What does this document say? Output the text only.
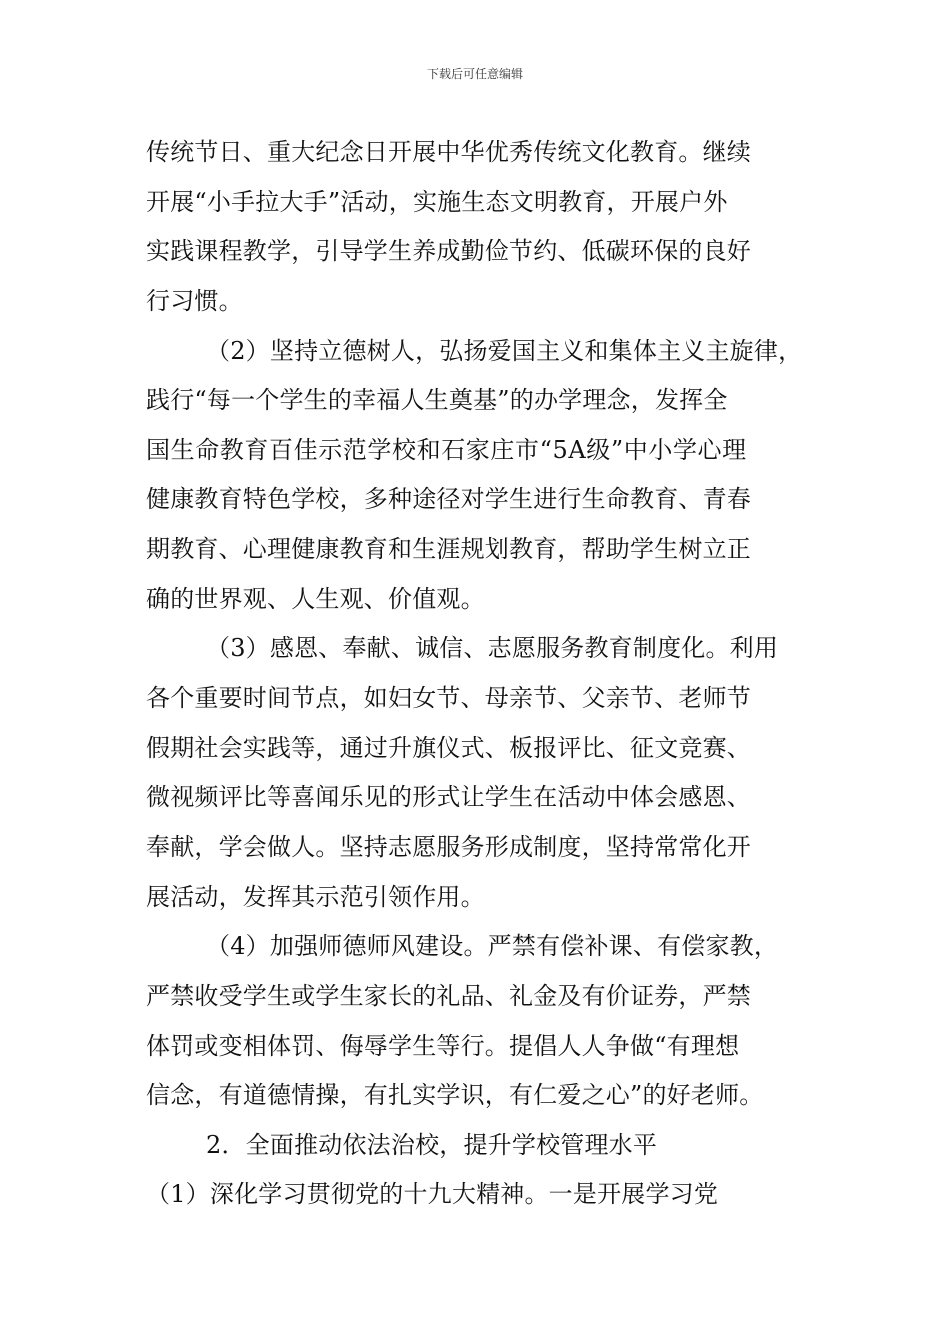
下载后可任意编辑
传统节日、重大纪念日开展中华优秀传统文化教育。继续
开展“小手拉大手”活动，实施生态文明教育，开展户外
实践课程教学，引导学生养成勤俭节约、低碳环保的良好
行习惯。
（2）坚持立德树人，弘扬爱国主义和集体主义主旋律，
践行“每一个学生的幸福人生奠基”的办学理念，发挥全
国生命教育百佳示范学校和石家庄市“5A级”中小学心理
健康教育特色学校，多种途径对学生进行生命教育、青春
期教育、心理健康教育和生涯规划教育，帮助学生树立正
确的世界观、人生观、价值观。
（3）感恩、奉献、诚信、志愿服务教育制度化。利用
各个重要时间节点，如妇女节、母亲节、父亲节、老师节
假期社会实践等，通过升旗仪式、板报评比、征文竞赛、
微视频评比等喜闻乐见的形式让学生在活动中体会感恩、
奉献，学会做人。坚持志愿服务形成制度，坚持常常化开
展活动，发挥其示范引领作用。
（4）加强师德师风建设。严禁有偿补课、有偿家教，
严禁收受学生或学生家长的礼品、礼金及有价证券，严禁
体罚或变相体罚、侮辱学生等行。提倡人人争做“有理想
信念，有道德情操，有扎实学识，有仁爱之心”的好老师。
2．全面推动依法治校，提升学校管理水平
（1）深化学习贯彻党的十九大精神。一是开展学习党
